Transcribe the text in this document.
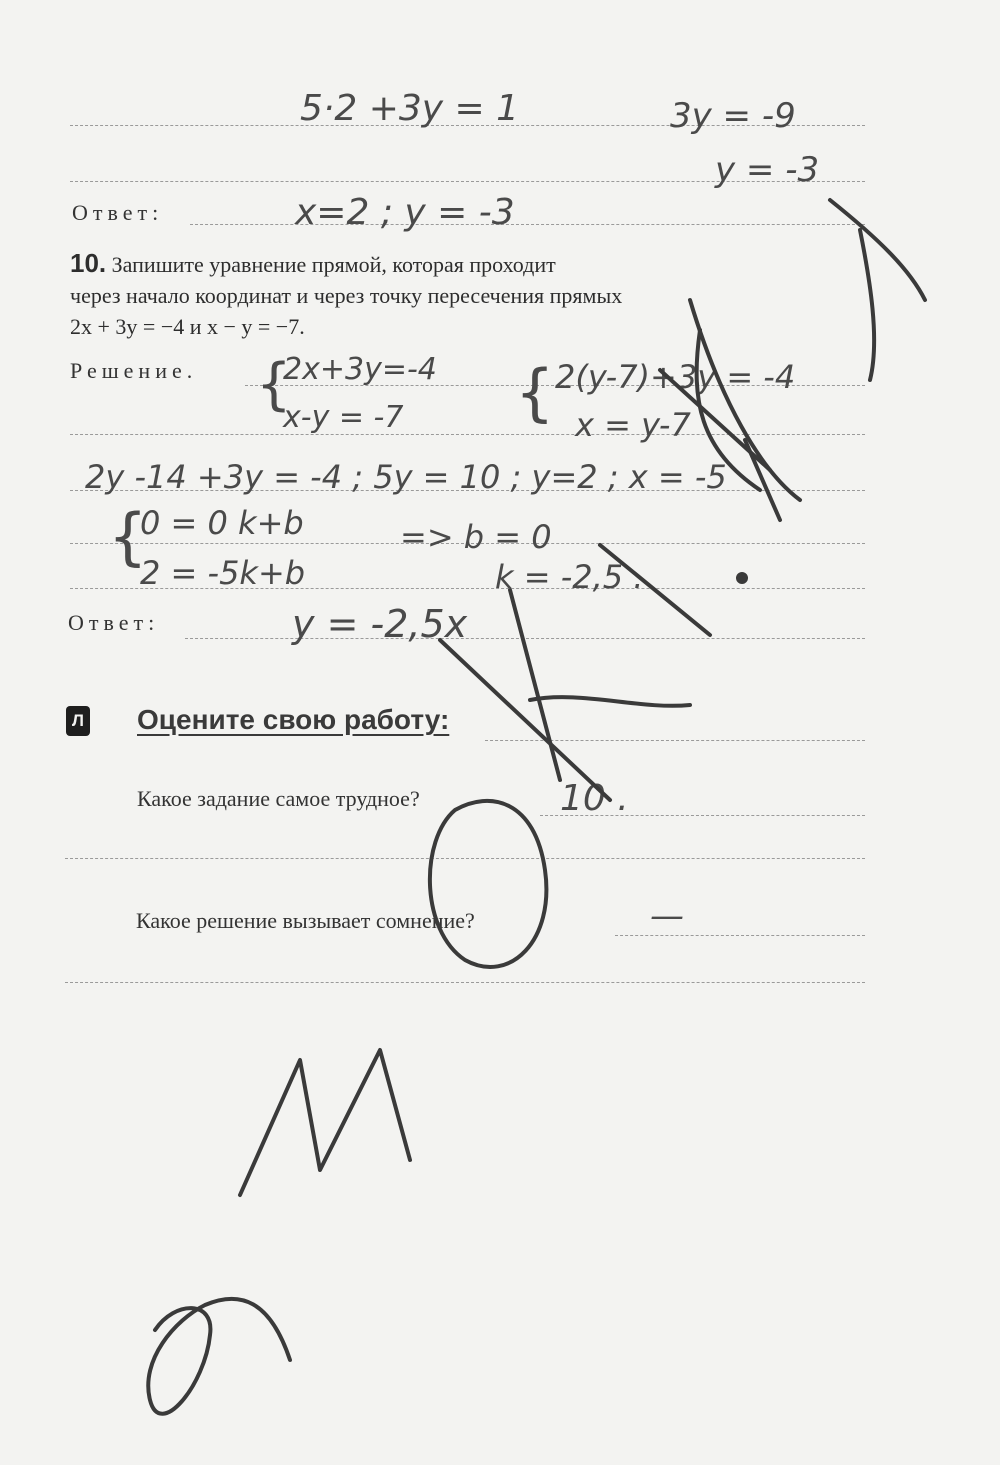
5·2 +3y = 1	3y = -9
y = -3
Ответ:	x=2 ; y = -3
10. Запишите уравнение прямой, которая проходит
через начало координат и через точку пересечения прямых
2x + 3y = −4 и x − y = −7.
Решение. {
2x+3y=-4
x-y = -7 { 2(y-7)+3y = -4
x = y-7
2y -14 +3y = -4 ; 5y = 10 ; y=2 ; x = -5
{
0 = 0 k+b
2 = -5k+b
=> b = 0
k = -2,5 .
Ответ:	y = -2,5x
Л Оцените свою работу:
Какое задание самое трудное?	10 .
Какое решение вызывает сомнение?	—
